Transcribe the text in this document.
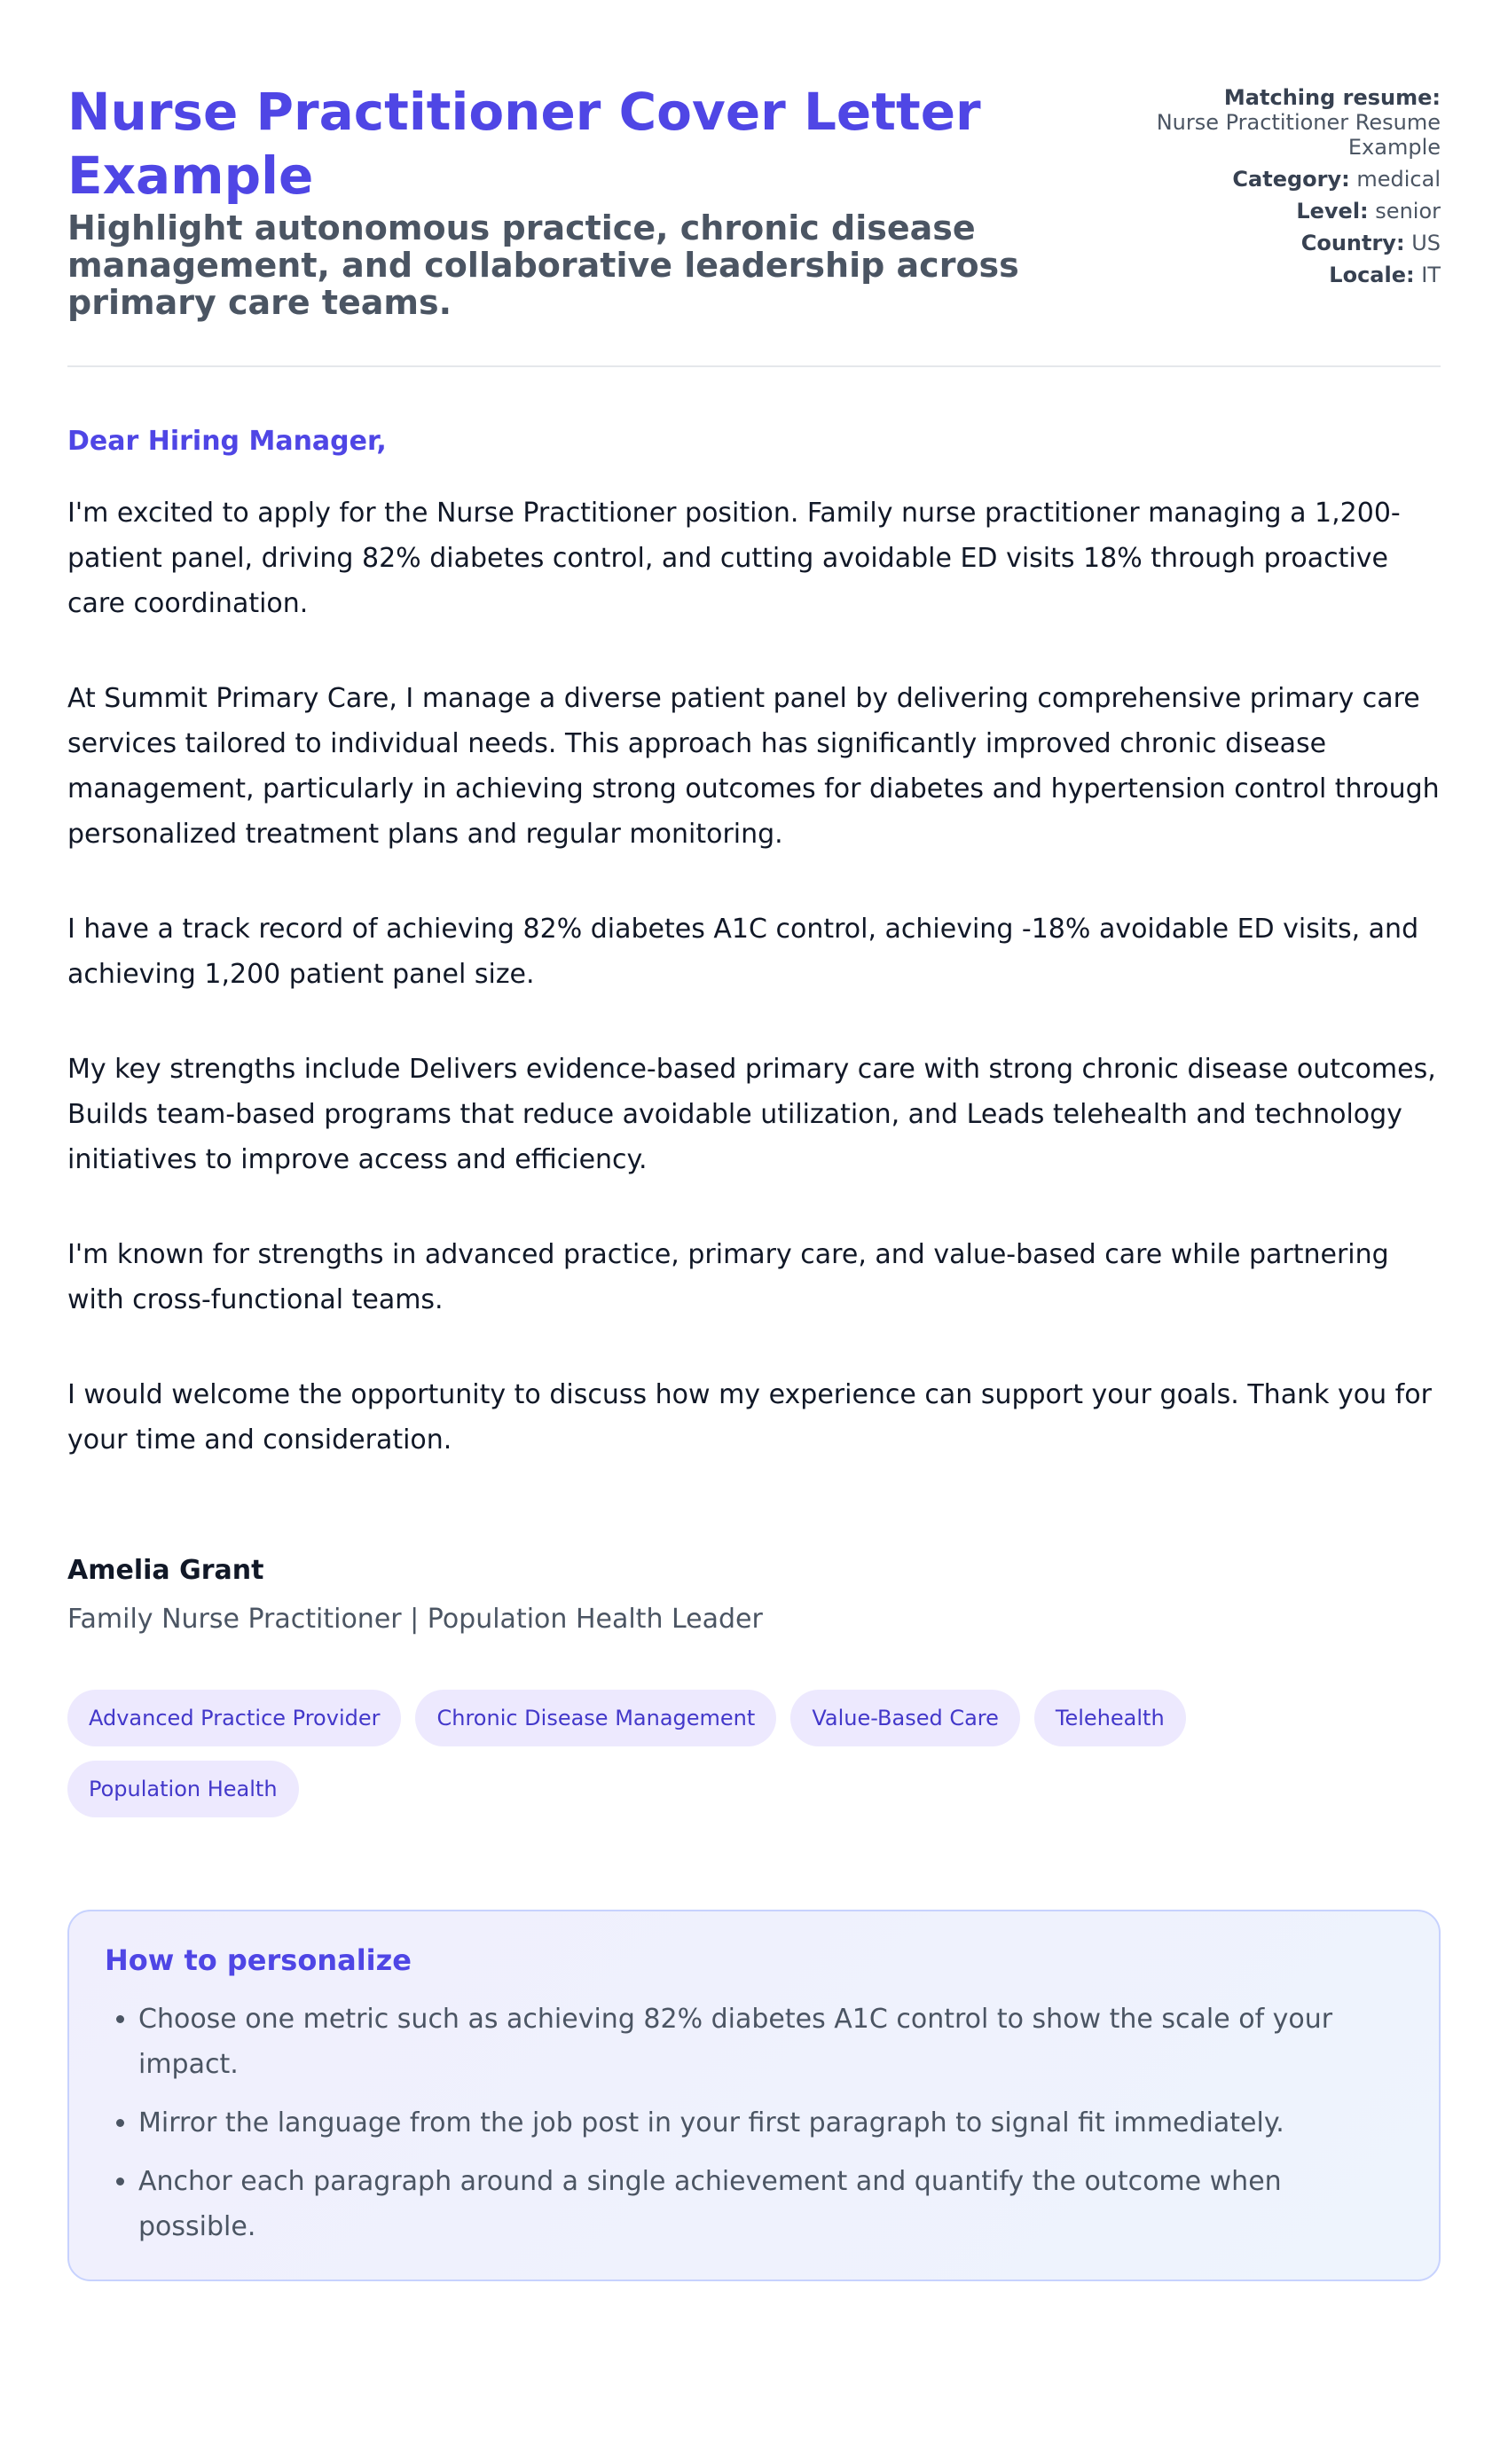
Nurse Practitioner Cover Letter Example

Highlight autonomous practice, chronic disease management, and collaborative leadership across primary care teams.

Matching resume:
Nurse Practitioner Resume Example
Category: medical
Level: senior
Country: US
Locale: IT

Dear Hiring Manager,

I'm excited to apply for the Nurse Practitioner position. Family nurse practitioner managing a 1,200-patient panel, driving 82% diabetes control, and cutting avoidable ED visits 18% through proactive care coordination.

At Summit Primary Care, I manage a diverse patient panel by delivering comprehensive primary care services tailored to individual needs. This approach has significantly improved chronic disease management, particularly in achieving strong outcomes for diabetes and hypertension control through personalized treatment plans and regular monitoring.

I have a track record of achieving 82% diabetes A1C control, achieving -18% avoidable ED visits, and achieving 1,200 patient panel size.

My key strengths include Delivers evidence-based primary care with strong chronic disease outcomes, Builds team-based programs that reduce avoidable utilization, and Leads telehealth and technology initiatives to improve access and efficiency.

I'm known for strengths in advanced practice, primary care, and value-based care while partnering with cross-functional teams.

I would welcome the opportunity to discuss how my experience can support your goals. Thank you for your time and consideration.

Amelia Grant

Family Nurse Practitioner | Population Health Leader

Advanced Practice Provider	Chronic Disease Management	Value-Based Care	Telehealth
Population Health

How to personalize

• Choose one metric such as achieving 82% diabetes A1C control to show the scale of your impact.
• Mirror the language from the job post in your first paragraph to signal fit immediately.
• Anchor each paragraph around a single achievement and quantify the outcome when possible.
